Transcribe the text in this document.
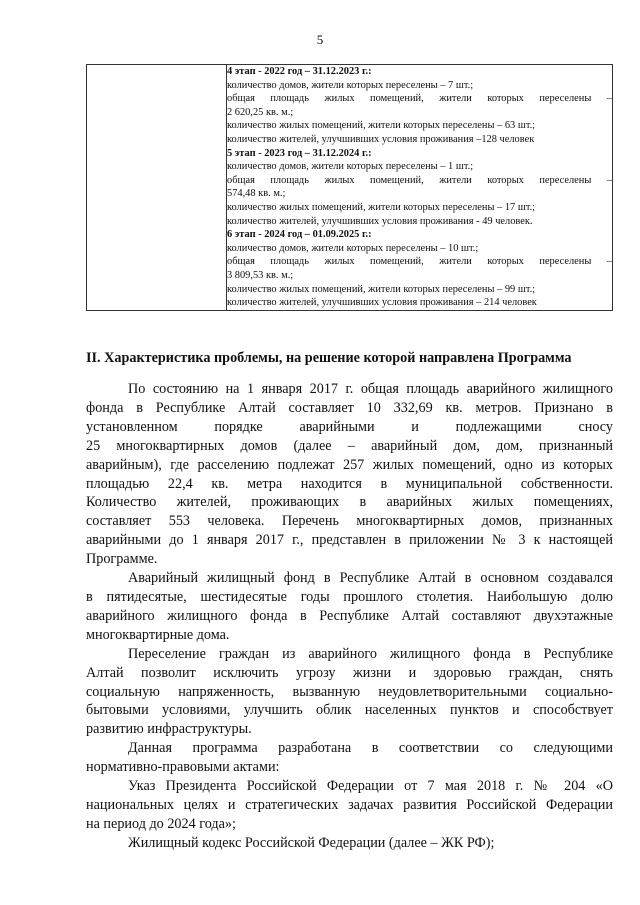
5

4 этап - 2022 год – 31.12.2023 г.:
количество домов, жители которых переселены – 7 шт.;
общая площадь жилых помещений, жители которых переселены –
2 620,25 кв. м.;
количество жилых помещений, жители которых переселены – 63 шт.;
количество жителей, улучшивших условия проживания –128 человек
5 этап - 2023 год – 31.12.2024 г.:
количество домов, жители которых переселены – 1 шт.;
общая площадь жилых помещений, жители которых переселены –
574,48 кв. м.;
количество жилых помещений, жители которых переселены – 17 шт.;
количество жителей, улучшивших условия проживания - 49 человек.
6 этап - 2024 год – 01.09.2025 г.:
количество домов, жители которых переселены – 10 шт.;
общая площадь жилых помещений, жители которых переселены –
3 809,53 кв. м.;
количество жилых помещений, жители которых переселены – 99 шт.;
количество жителей, улучшивших условия проживания – 214 человек
II. Характеристика проблемы, на решение которой направлена Программа
По состоянию на 1 января 2017 г. общая площадь аварийного жилищного
фонда в Республике Алтай составляет 10 332,69 кв. метров. Признано в
установленном порядке аварийными и подлежащими сносу
25 многоквартирных домов (далее – аварийный дом, дом, признанный
аварийным), где расселению подлежат 257 жилых помещений, одно из которых
площадью 22,4 кв. метра находится в муниципальной собственности.
Количество жителей, проживающих в аварийных жилых помещениях,
составляет 553 человека. Перечень многоквартирных домов, признанных
аварийными до 1 января 2017 г., представлен в приложении № 3 к настоящей
Программе.
Аварийный жилищный фонд в Республике Алтай в основном создавался
в пятидесятые, шестидесятые годы прошлого столетия. Наибольшую долю
аварийного жилищного фонда в Республике Алтай составляют двухэтажные
многоквартирные дома.
Переселение граждан из аварийного жилищного фонда в Республике
Алтай позволит исключить угрозу жизни и здоровью граждан, снять
социальную напряженность, вызванную неудовлетворительными социально-
бытовыми условиями, улучшить облик населенных пунктов и способствует
развитию инфраструктуры.
Данная программа разработана в соответствии со следующими
нормативно-правовыми актами:
Указ Президента Российской Федерации от 7 мая 2018 г. № 204 «О
национальных целях и стратегических задачах развития Российской Федерации
на период до 2024 года»;
Жилищный кодекс Российской Федерации (далее – ЖК РФ);
